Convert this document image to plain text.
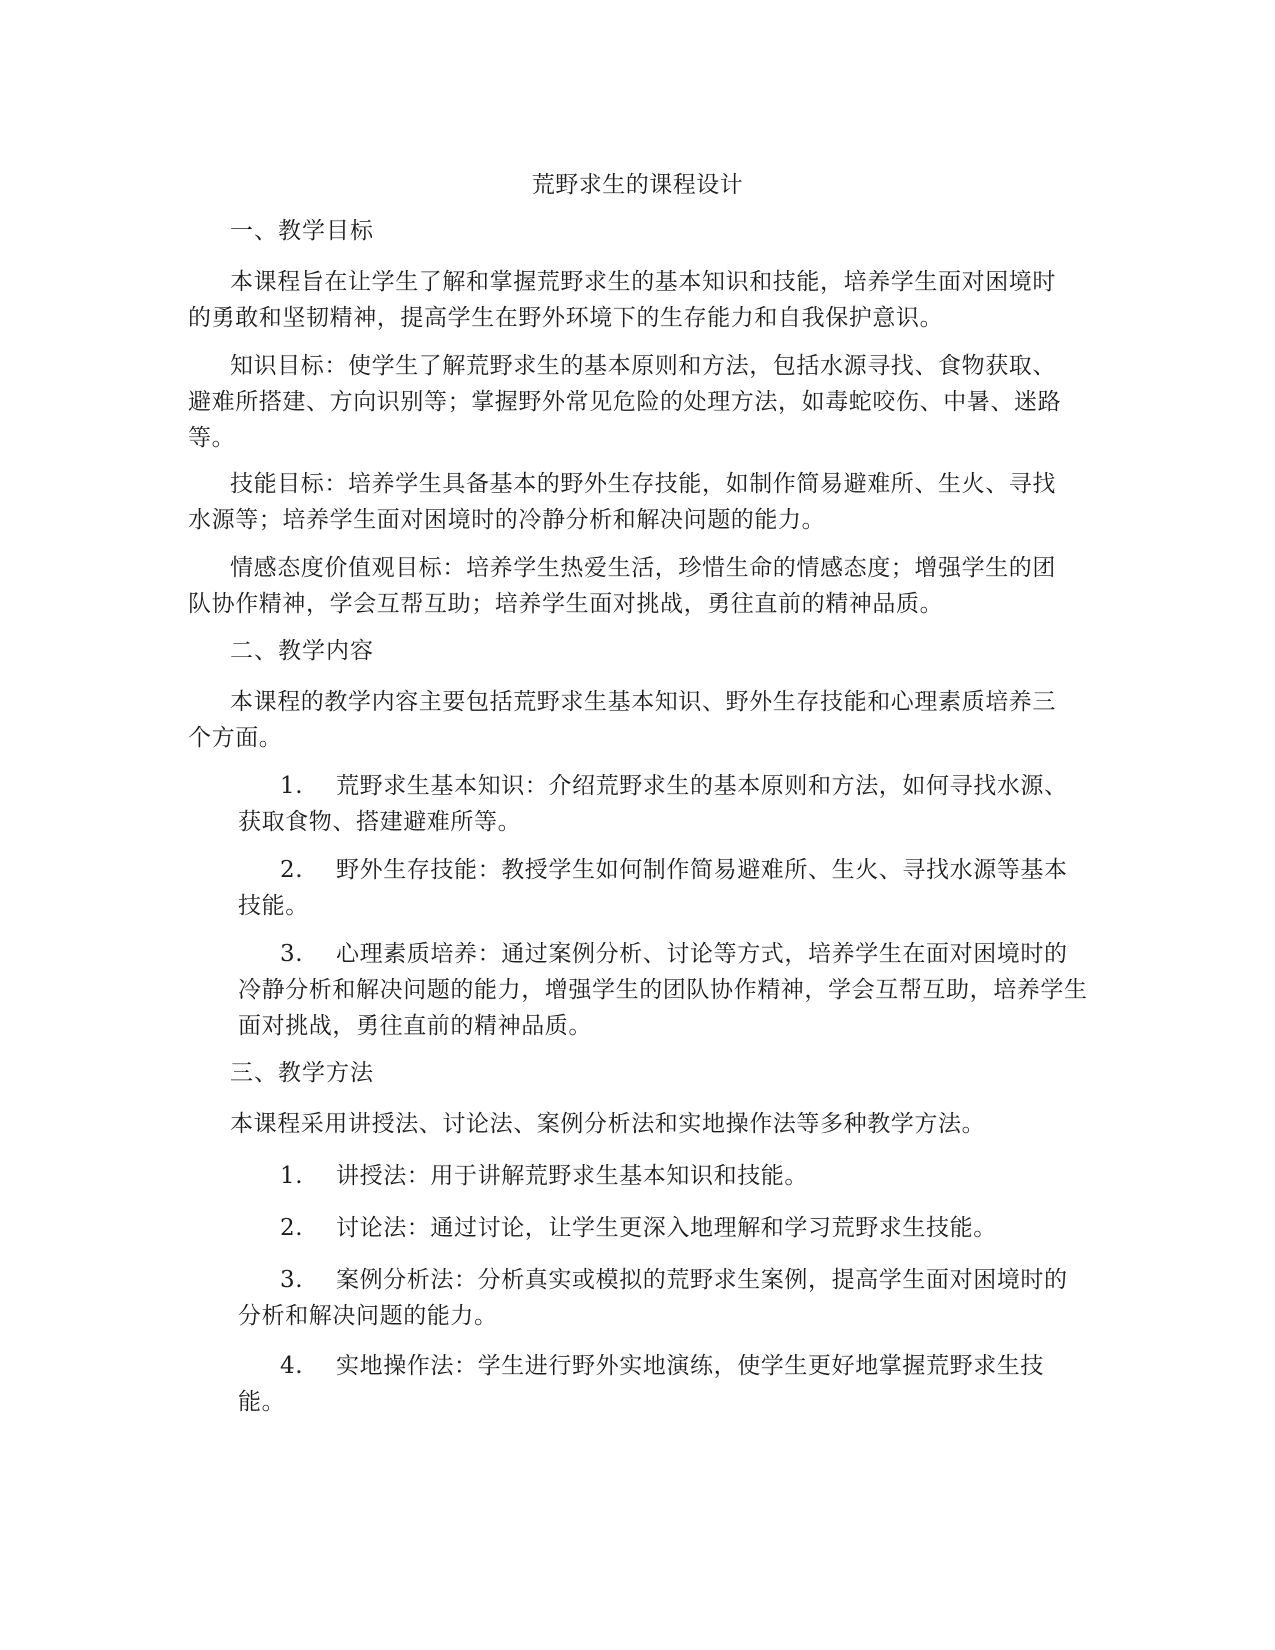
荒野求生的课程设计
一、教学目标

本课程旨在让学生了解和掌握荒野求生的基本知识和技能，培养学生面对困境时的勇敢和坚韧精神，提高学生在野外环境下的生存能力和自我保护意识。

知识目标：使学生了解荒野求生的基本原则和方法，包括水源寻找、食物获取、避难所搭建、方向识别等；掌握野外常见危险的处理方法，如毒蛇咬伤、中暑、迷路等。

技能目标：培养学生具备基本的野外生存技能，如制作简易避难所、生火、寻找水源等；培养学生面对困境时的冷静分析和解决问题的能力。

情感态度价值观目标：培养学生热爱生活，珍惜生命的情感态度；增强学生的团队协作精神，学会互帮互助；培养学生面对挑战，勇往直前的精神品质。

二、教学内容

本课程的教学内容主要包括荒野求生基本知识、野外生存技能和心理素质培养三个方面。

1. 荒野求生基本知识：介绍荒野求生的基本原则和方法，如何寻找水源、获取食物、搭建避难所等。

2. 野外生存技能：教授学生如何制作简易避难所、生火、寻找水源等基本技能。

3. 心理素质培养：通过案例分析、讨论等方式，培养学生在面对困境时的冷静分析和解决问题的能力，增强学生的团队协作精神，学会互帮互助，培养学生面对挑战，勇往直前的精神品质。

三、教学方法

本课程采用讲授法、讨论法、案例分析法和实地操作法等多种教学方法。

1. 讲授法：用于讲解荒野求生基本知识和技能。

2. 讨论法：通过讨论，让学生更深入地理解和学习荒野求生技能。

3. 案例分析法：分析真实或模拟的荒野求生案例，提高学生面对困境时的分析和解决问题的能力。

4. 实地操作法：学生进行野外实地演练，使学生更好地掌握荒野求生技能。
